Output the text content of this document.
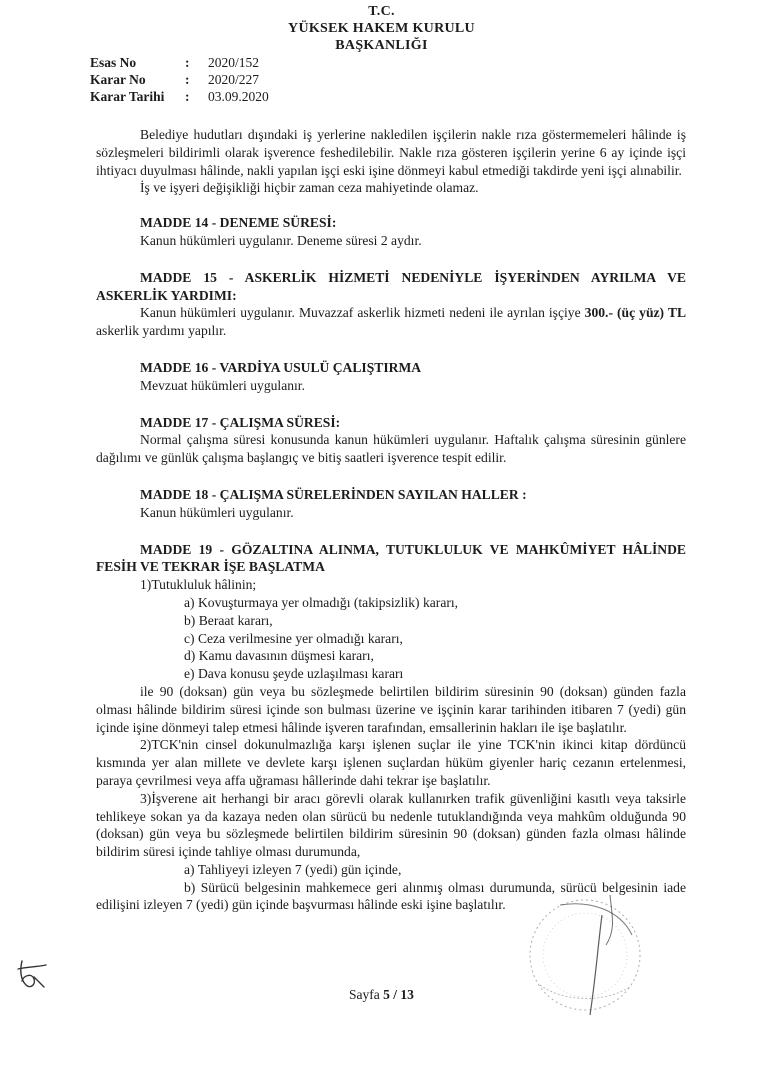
T.C.
YÜKSEK HAKEM KURULU
BAŞKANLIĞI
Esas No	: 2020/152
Karar No	: 2020/227
Karar Tarihi : 03.09.2020

Belediye hudutları dışındaki iş yerlerine nakledilen işçilerin nakle rıza göstermemeleri hâlinde iş sözleşmeleri bildirimli olarak işverence feshedilebilir. Nakle rıza gösteren işçilerin yerine 6 ay içinde işçi ihtiyacı duyulması hâlinde, nakli yapılan işçi eski işine dönmeyi kabul etmediği takdirde yeni işçi alınabilir.

İş ve işyeri değişikliği hiçbir zaman ceza mahiyetinde olamaz.

MADDE 14 - DENEME SÜRESİ:

Kanun hükümleri uygulanır. Deneme süresi 2 aydır.

MADDE 15 - ASKERLİK HİZMETİ NEDENİYLE İŞYERİNDEN AYRILMA VE ASKERLİK YARDIMI:

Kanun hükümleri uygulanır. Muvazzaf askerlik hizmeti nedeni ile ayrılan işçiye 300.- (üç yüz) TL askerlik yardımı yapılır.

MADDE 16 - VARDİYA USULÜ ÇALIŞTIRMA

Mevzuat hükümleri uygulanır.

MADDE 17 - ÇALIŞMA SÜRESİ:

Normal çalışma süresi konusunda kanun hükümleri uygulanır. Haftalık çalışma süresinin günlere dağılımı ve günlük çalışma başlangıç ve bitiş saatleri işverence tespit edilir.

MADDE 18 - ÇALIŞMA SÜRELERİNDEN SAYILAN HALLER :

Kanun hükümleri uygulanır.

MADDE 19 - GÖZALTINA ALINMA, TUTUKLULUK VE MAHKÛMİYET HÂLİNDE FESİH VE TEKRAR İŞE BAŞLATMA

1)Tutukluluk hâlinin;

a) Kovuşturmaya yer olmadığı (takipsizlik) kararı,

b) Beraat kararı,

c) Ceza verilmesine yer olmadığı kararı,

d) Kamu davasının düşmesi kararı,

e) Dava konusu şeyde uzlaşılması kararı

ile 90 (doksan) gün veya bu sözleşmede belirtilen bildirim süresinin 90 (doksan) günden fazla olması hâlinde bildirim süresi içinde son bulması üzerine ve işçinin karar tarihinden itibaren 7 (yedi) gün içinde işine dönmeyi talep etmesi hâlinde işveren tarafından, emsallerinin hakları ile işe başlatılır.

2)TCK'nin cinsel dokunulmazlığa karşı işlenen suçlar ile yine TCK'nin ikinci kitap dördüncü kısmında yer alan millete ve devlete karşı işlenen suçlardan hüküm giyenler hariç cezanın ertelenmesi, paraya çevrilmesi veya affa uğraması hâllerinde dahi tekrar işe başlatılır.

3)İşverene ait herhangi bir aracı görevli olarak kullanırken trafik güvenliğini kasıtlı veya taksirle tehlikeye sokan ya da kazaya neden olan sürücü bu nedenle tutuklandığında veya mahkûm olduğunda 90 (doksan) gün veya bu sözleşmede belirtilen bildirim süresinin 90 (doksan) günden fazla olması hâlinde bildirim süresi içinde tahliye olması durumunda,

a) Tahliyeyi izleyen 7 (yedi) gün içinde,

b) Sürücü belgesinin mahkemece geri alınmış olması durumunda, sürücü belgesinin iade edilişini izleyen 7 (yedi) gün içinde başvurması hâlinde eski işine başlatılır.

Sayfa 5 / 13
